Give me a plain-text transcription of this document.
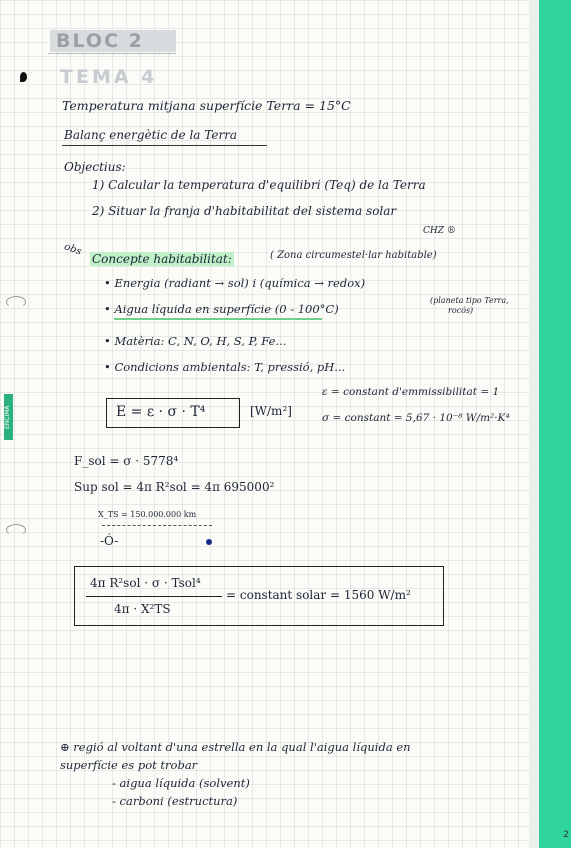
2
ENCIMA
BLOC 2
TEMA 4
Temperatura mitjana superfície Terra = 15°C
Balanç energètic de la Terra
Objectius:
1) Calcular la temperatura d'equilibri (Teq) de la Terra
2) Situar la franja d'habitabilitat del sistema solar
CHZ ®
obs
Concepte habitabilitat:	( Zona circumestel·lar habitable)
• Energia (radiant → sol) i (química → redox)
• Aigua líquida en superfície (0 - 100°C)
(planeta tipo Terra,
rocós)
• Matèria: C, N, O, H, S, P, Fe...
• Condicions ambientals: T, pressió, pH...
E = ε · σ · T⁴	[W/m²]
ε = constant d'emmissibilitat = 1
σ = constant = 5,67 · 10⁻⁸ W/m²·K⁴
F_sol = σ · 5778⁴
Sup sol = 4π R²sol = 4π 695000²
X_TS = 150.000.000 km
-Ó-
4π R²sol · σ · Tsol⁴
4π · X²TS
= constant solar = 1560 W/m²
⊕ regió al voltant d'una estrella en la qual l'aigua líquida en
superfície es pot trobar
- aigua líquida (solvent)
- carboni (estructura)
